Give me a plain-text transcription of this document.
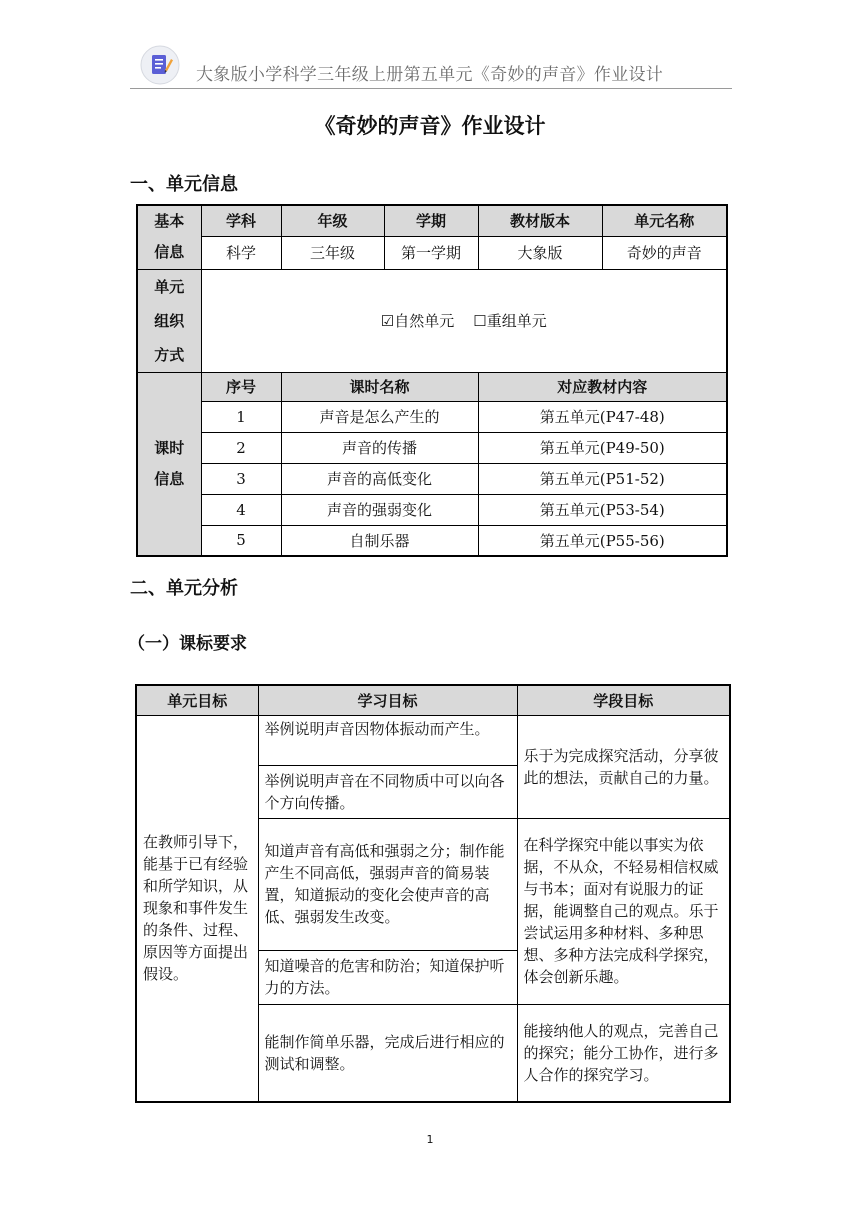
大象版小学科学三年级上册第五单元《奇妙的声音》作业设计
《奇妙的声音》作业设计
一、单元信息
基本
信息	学科	年级	学期	教材版本	单元名称
	科学	三年级	第一学期	大象版	奇妙的声音

单元
组织
方式	☑自然单元 ☐重组单元				

课时
信息	序号	课时名称		对应教材内容	
	1	声音是怎么产生的		第五单元(P47-48)	
	2	声音的传播		第五单元(P49-50)	
	3	声音的高低变化		第五单元(P51-52)	
	4	声音的强弱变化		第五单元(P53-54)	
	5	自制乐器		第五单元(P55-56)	
二、单元分析
（一）课标要求
单元目标	学习目标	学段目标
在教师引导下，能基于已有经验和所学知识，从现象和事件发生的条件、过程、原因等方面提出假设。	举例说明声音因物体振动而产生。	乐于为完成探究活动，分享彼此的想法，贡献自己的力量。
	举例说明声音在不同物质中可以向各个方向传播。	
	知道声音有高低和强弱之分；制作能产生不同高低，强弱声音的简易装置，知道振动的变化会使声音的高低、强弱发生改变。	在科学探究中能以事实为依据，不从众，不轻易相信权威与书本；面对有说服力的证据，能调整自己的观点。乐于尝试运用多种材料、多种思想、多种方法完成科学探究，体会创新乐趣。
	知道噪音的危害和防治；知道保护听力的方法。	
	能制作简单乐器，完成后进行相应的测试和调整。	能接纳他人的观点，完善自己的探究；能分工协作，进行多人合作的探究学习。
1
